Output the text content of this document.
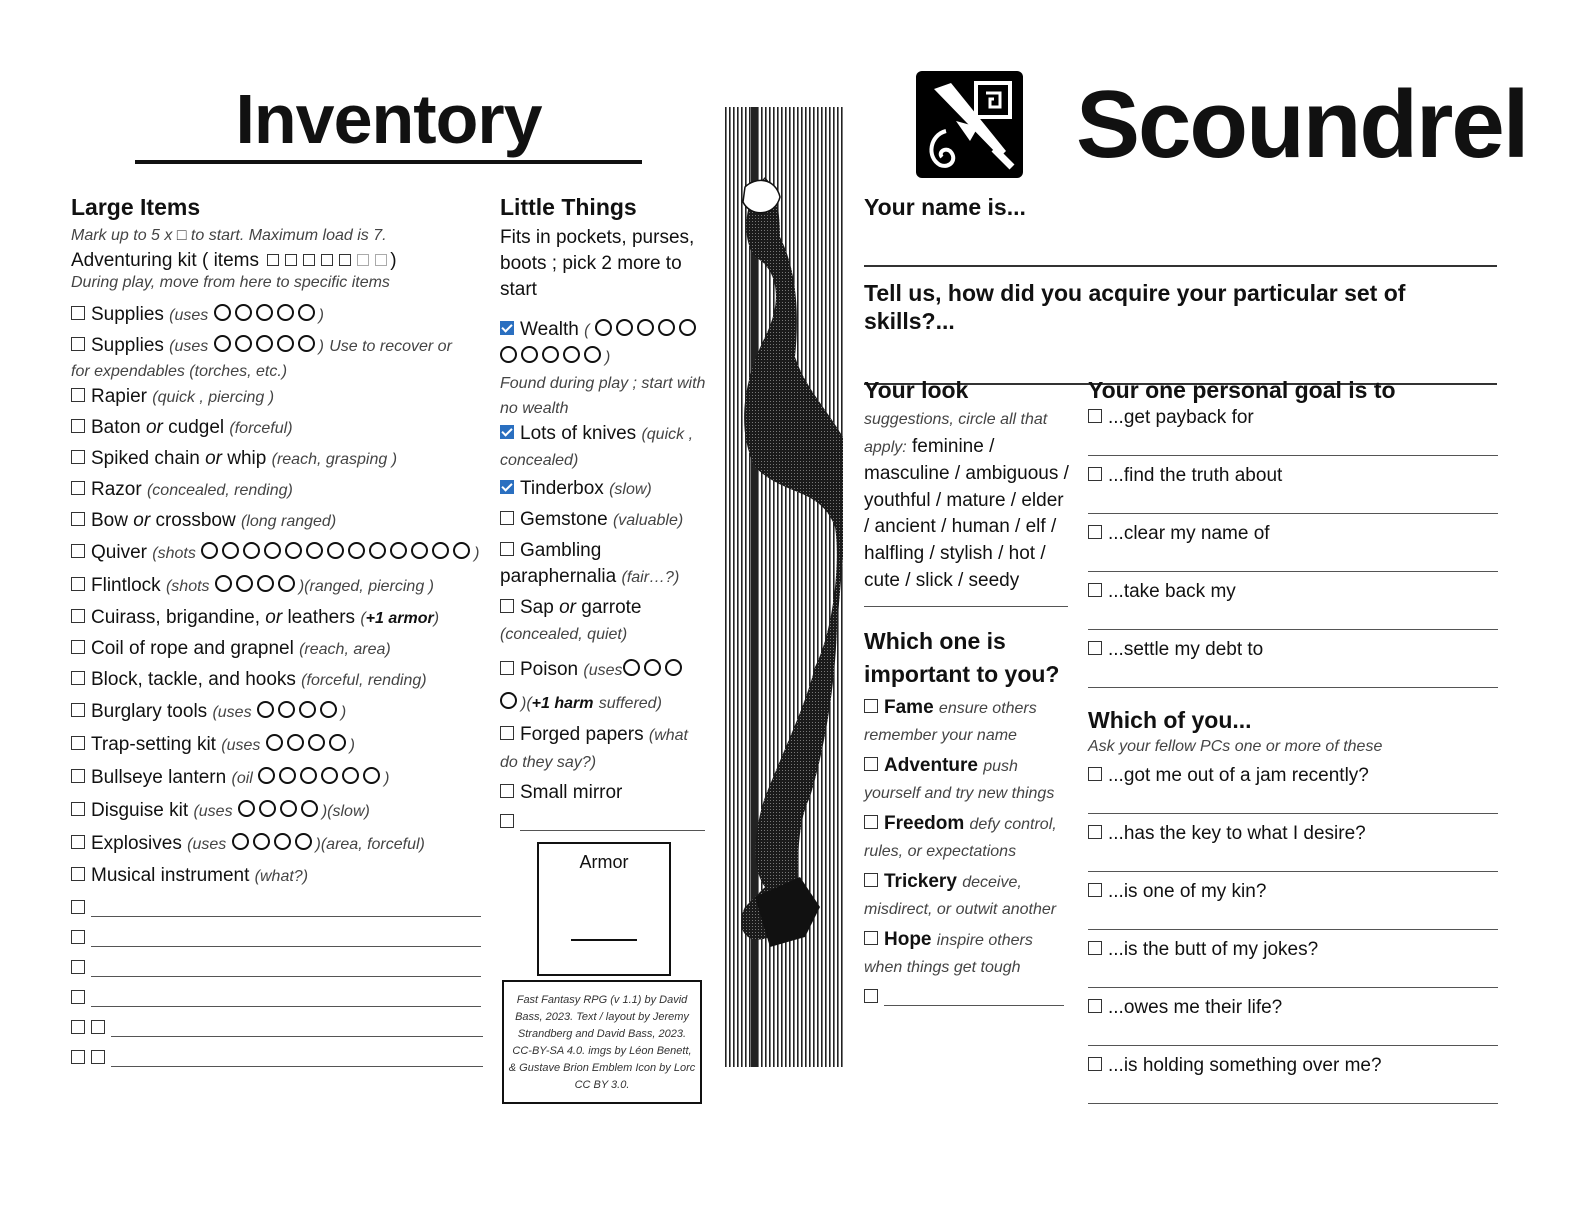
Inventory
Large Items
Mark up to 5 x □ to start. Maximum load is 7.
Adventuring kit ( items	)
During play, move from here to specific items
Supplies (uses	)
Supplies (uses	) Use to recover or
for expendables (torches, etc.)
Rapier (quick , piercing )
Baton or cudgel (forceful)
Spiked chain or whip (reach, grasping )
Razor (concealed, rending)
Bow or crossbow (long ranged)
Quiver (shots	)
Flintlock (shots	)(ranged, piercing )
Cuirass, brigandine, or leathers (+1 armor)
Coil of rope and grapnel (reach, area)
Block, tackle, and hooks (forceful, rending)
Burglary tools (uses	)
Trap-setting kit (uses	)
Bullseye lantern (oil	)
Disguise kit (uses	)(slow)
Explosives (uses	)(area, forceful)
Musical instrument (what?)
Little Things
Fits in pockets, purses, boots ; pick 2 more to start
Wealth (
)
Found during play ; start with no wealth
Lots of knives (quick , concealed)
Tinderbox (slow)
Gemstone (valuable)
Gambling paraphernalia (fair…?)
Sap or garrote
(concealed, quiet)
Poison (uses
)(+1 harm suffered)
Forged papers (what do they say?)
Small mirror
Armor
Fast Fantasy RPG (v 1.1) by David Bass, 2023. Text / layout by Jeremy Strandberg and David Bass, 2023. CC-BY-SA 4.0. imgs by Léon Benett, & Gustave Brion Emblem Icon by Lorc CC BY 3.0.
Scoundrel
Your name is...
Tell us, how did you acquire your particular set of skills?...
Your look
suggestions, circle all that apply: feminine / masculine / ambiguous / youthful / mature / elder / ancient / human / elf / halfling / stylish / hot / cute / slick / seedy
Which one is important to you?
Fame ensure others remember your name
Adventure push yourself and try new things
Freedom defy control, rules, or expectations
Trickery deceive, misdirect, or outwit another
Hope inspire others when things get tough
Your one personal goal is to
...get payback for
...find the truth about
...clear my name of
...take back my
...settle my debt to
Which of you...
Ask your fellow PCs one or more of these
...got me out of a jam recently?
...has the key to what I desire?
...is one of my kin?
...is the butt of my jokes?
...owes me their life?
...is holding something over me?
